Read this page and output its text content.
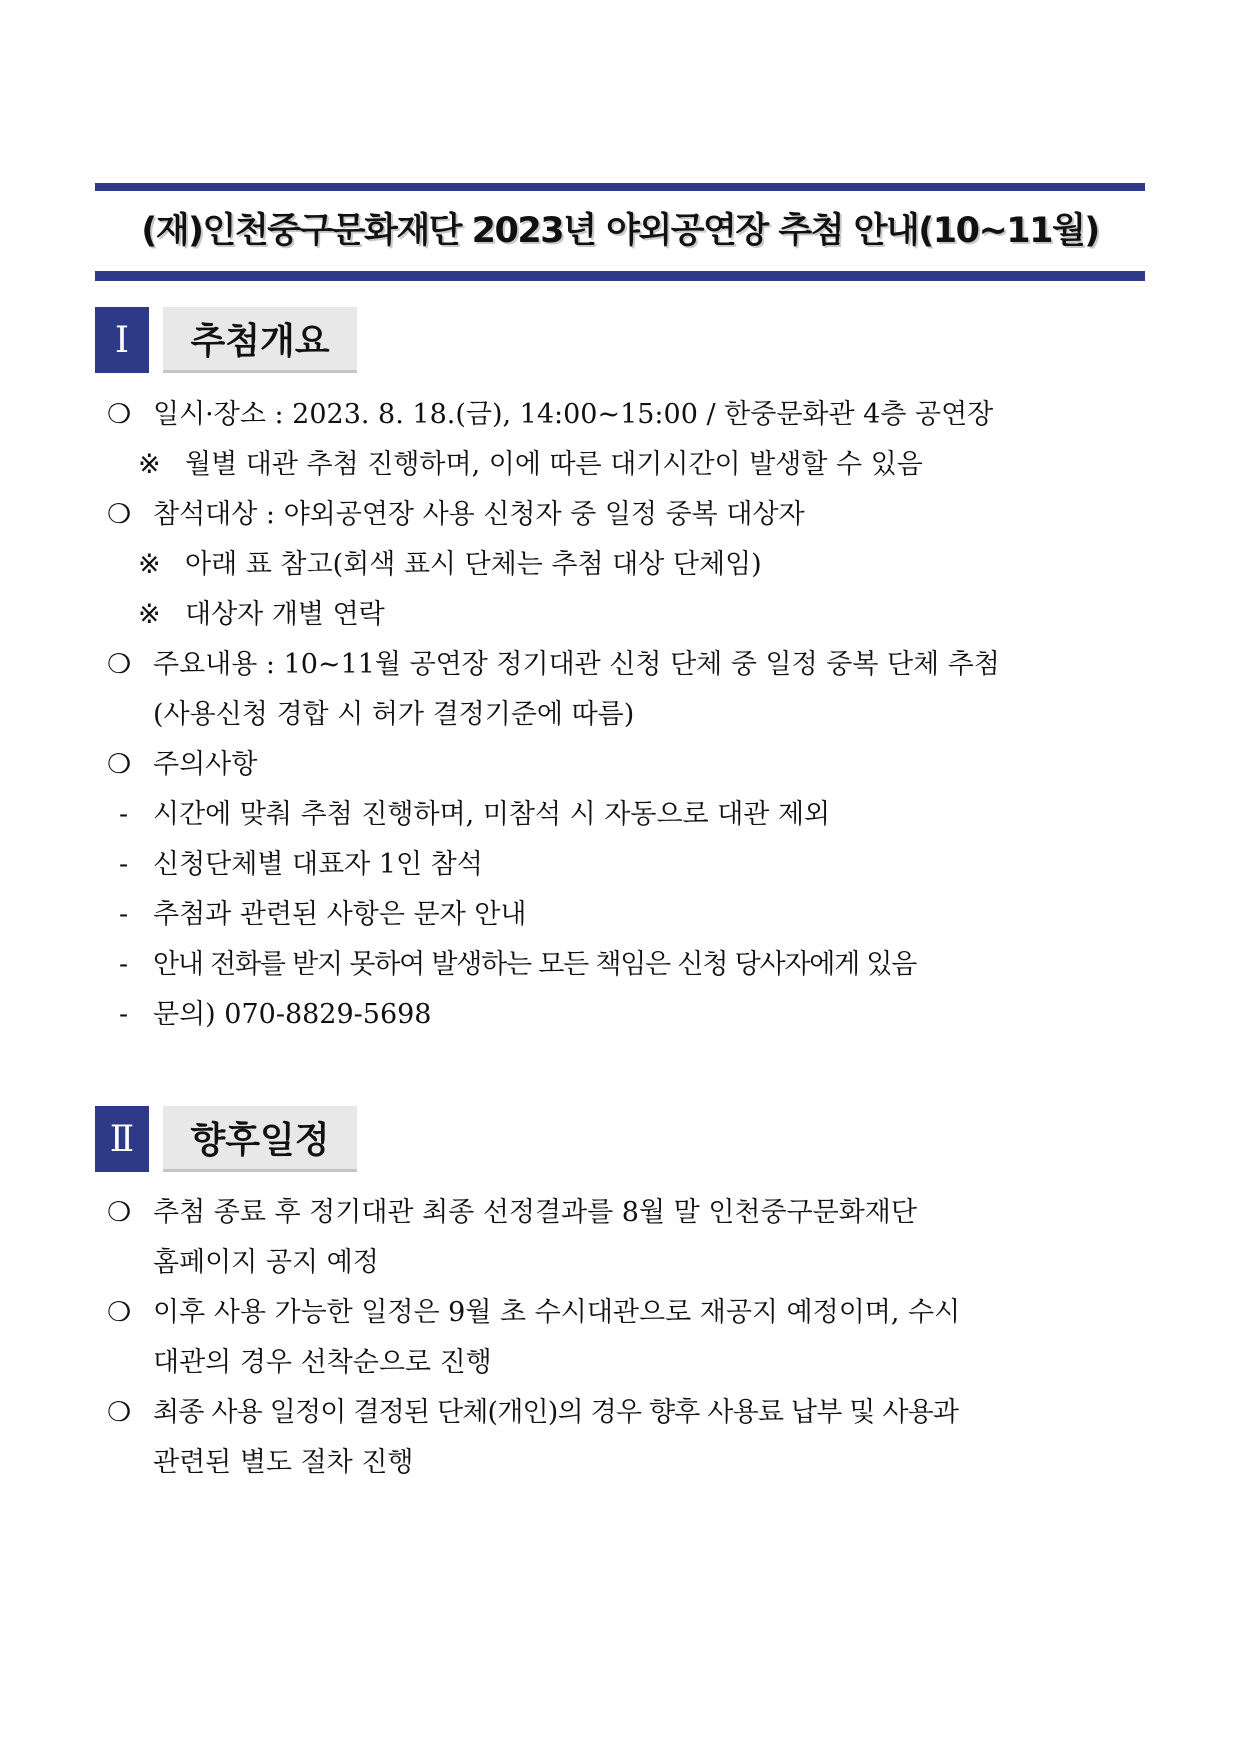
(재)인천중구문화재단 2023년 야외공연장 추첨 안내(10~11월)
Ⅰ	추첨개요
❍ 일시·장소 : 2023. 8. 18.(금), 14:00~15:00 / 한중문화관 4층 공연장
※ 월별 대관 추첨 진행하며, 이에 따른 대기시간이 발생할 수 있음
❍ 참석대상 : 야외공연장 사용 신청자 중 일정 중복 대상자
※ 아래 표 참고(회색 표시 단체는 추첨 대상 단체임)
※ 대상자 개별 연락
❍ 주요내용 : 10~11월 공연장 정기대관 신청 단체 중 일정 중복 단체 추첨
(사용신청 경합 시 허가 결정기준에 따름)
❍ 주의사항
- 시간에 맞춰 추첨 진행하며, 미참석 시 자동으로 대관 제외
- 신청단체별 대표자 1인 참석
- 추첨과 관련된 사항은 문자 안내
- 안내 전화를 받지 못하여 발생하는 모든 책임은 신청 당사자에게 있음
- 문의) 070-8829-5698
Ⅱ	향후일정
❍ 추첨 종료 후 정기대관 최종 선정결과를 8월 말 인천중구문화재단
홈페이지 공지 예정
❍ 이후 사용 가능한 일정은 9월 초 수시대관으로 재공지 예정이며, 수시
대관의 경우 선착순으로 진행
❍ 최종 사용 일정이 결정된 단체(개인)의 경우 향후 사용료 납부 및 사용과
관련된 별도 절차 진행
